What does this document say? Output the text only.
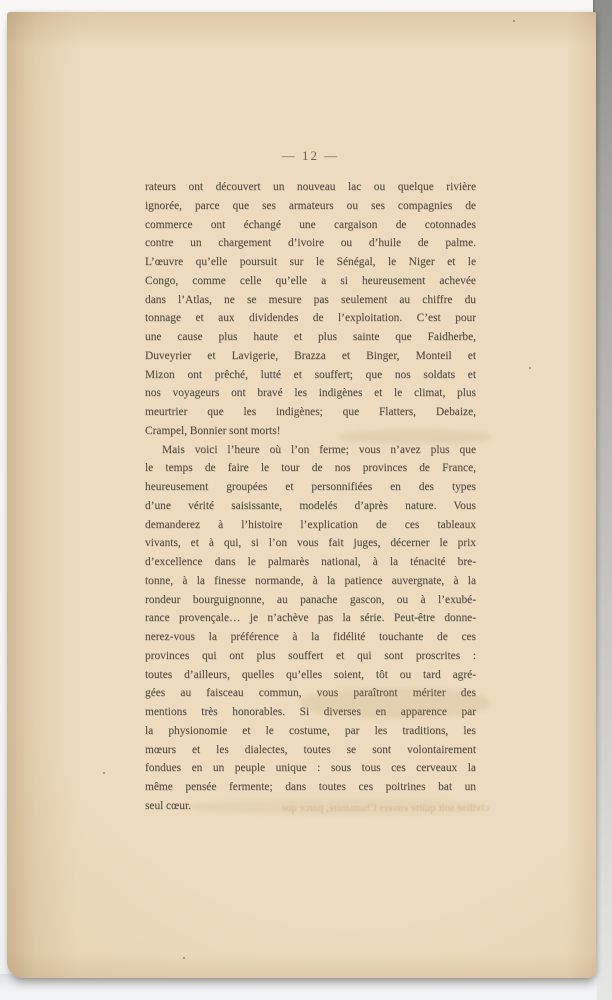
— 12 —
rateurs ont découvert un nouveau lac ou quelque rivière
ignorée, parce que ses armateurs ou ses compagnies de
commerce ont échangé une cargaison de cotonnades
contre un chargement d’ivoire ou d’huile de palme.
L’œuvre qu’elle poursuit sur le Sénégal, le Niger et le
Congo, comme celle qu’elle a si heureusement achevée
dans l’Atlas, ne se mesure pas seulement au chiffre du
tonnage et aux dividendes de l’exploitation. C’est pour
une cause plus haute et plus sainte que Faidherbe,
Duveyrier et Lavigerie, Brazza et Binger, Monteil et
Mizon ont prêché, lutté et souffert; que nos soldats et
nos voyageurs ont bravé les indigènes et le climat, plus
meurtrier que les indigènes; que Flatters, Debaize,
Crampel, Bonnier sont morts!
Mais voici l’heure où l’on ferme; vous n’avez plus que
le temps de faire le tour de nos provinces de France,
heureusement groupées et personnifiées en des types
d’une vérité saisissante, modelés d’après nature. Vous
demanderez à l’histoire l’explication de ces tableaux
vivants, et à qui, si l’on vous fait juges, décerner le prix
d’excellence dans le palmarès national, à la ténacité bre-
tonne, à la finesse normande, à la patience auvergnate, à la
rondeur bourguignonne, au panache gascon, ou à l’exubé-
rance provençale… je n’achève pas la série. Peut-être donne-
nerez-vous la préférence à la fidélité touchante de ces
provinces qui ont plus souffert et qui sont proscrites :
toutes d’ailleurs, quelles qu’elles soient, tôt ou tard agré-
gées au faisceau commun, vous paraîtront mériter des
mentions très honorables. Si diverses en apparence par
la physionomie et le costume, par les traditions, les
mœurs et les dialectes, toutes se sont volontairement
fondues en un peuple unique : sous tous ces cerveaux la
même pensée fermente; dans toutes ces poitrines bat un
seul cœur.	civilisé soit quitte envers l’humanité, parce que
